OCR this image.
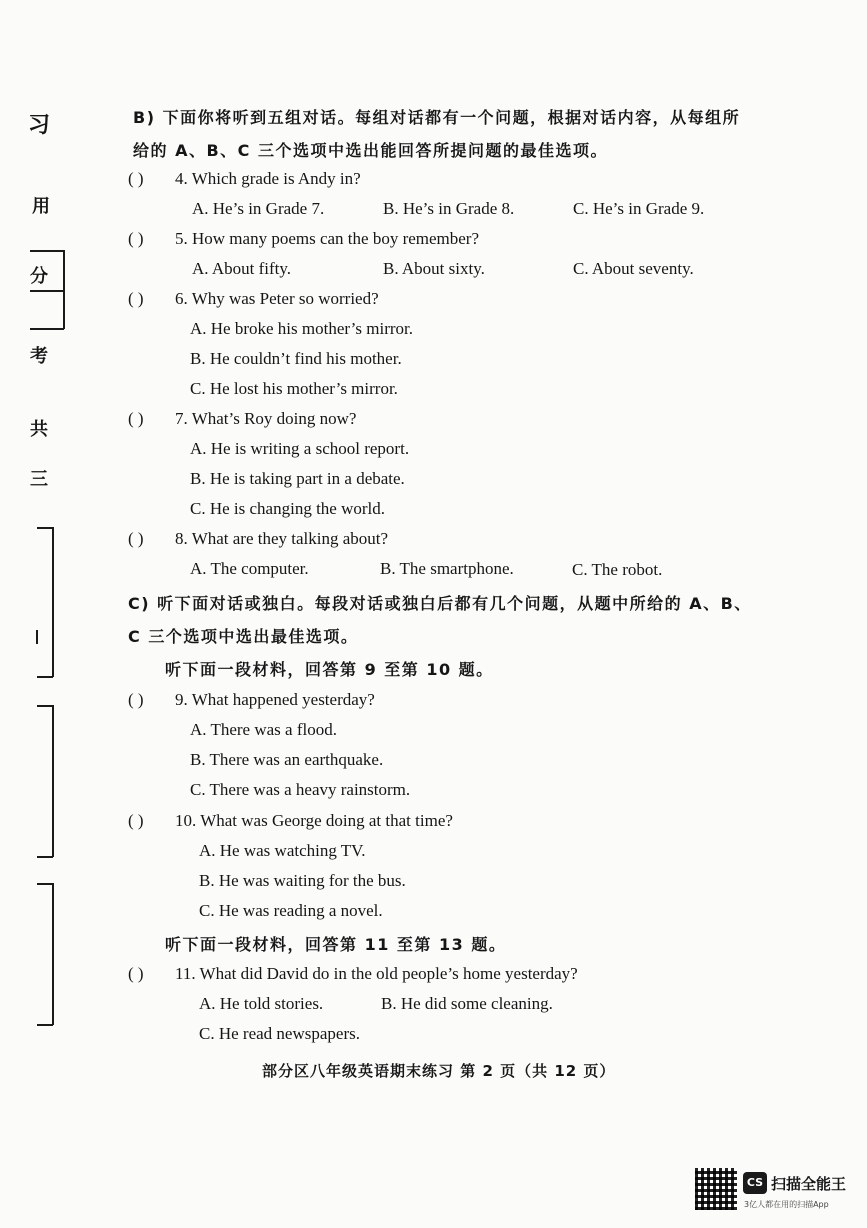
习
用
分
考
共
三
B) 下面你将听到五组对话。每组对话都有一个问题，根据对话内容，从每组所
给的 A、B、C 三个选项中选出能回答所提问题的最佳选项。
( ) 4. Which grade is Andy in?
A. He’s in Grade 7.	B. He’s in Grade 8.	C. He’s in Grade 9.
( ) 5. How many poems can the boy remember?
A. About fifty.	B. About sixty.	C. About seventy.
( ) 6. Why was Peter so worried?
A. He broke his mother’s mirror.
B. He couldn’t find his mother.
C. He lost his mother’s mirror.
( ) 7. What’s Roy doing now?
A. He is writing a school report.
B. He is taking part in a debate.
C. He is changing the world.
( ) 8. What are they talking about?
A. The computer.	B. The smartphone.	C. The robot.
C) 听下面对话或独白。每段对话或独白后都有几个问题，从题中所给的 A、B、
C 三个选项中选出最佳选项。
听下面一段材料，回答第 9 至第 10 题。
( ) 9. What happened yesterday?
A. There was a flood.
B. There was an earthquake.
C. There was a heavy rainstorm.
( ) 10. What was George doing at that time?
A. He was watching TV.
B. He was waiting for the bus.
C. He was reading a novel.
听下面一段材料，回答第 11 至第 13 题。
( ) 11. What did David do in the old people’s home yesterday?
A. He told stories.	B. He did some cleaning.
C. He read newspapers.
部分区八年级英语期末练习 第 2 页（共 12 页）
CS 扫描全能王
3亿人都在用的扫描App
